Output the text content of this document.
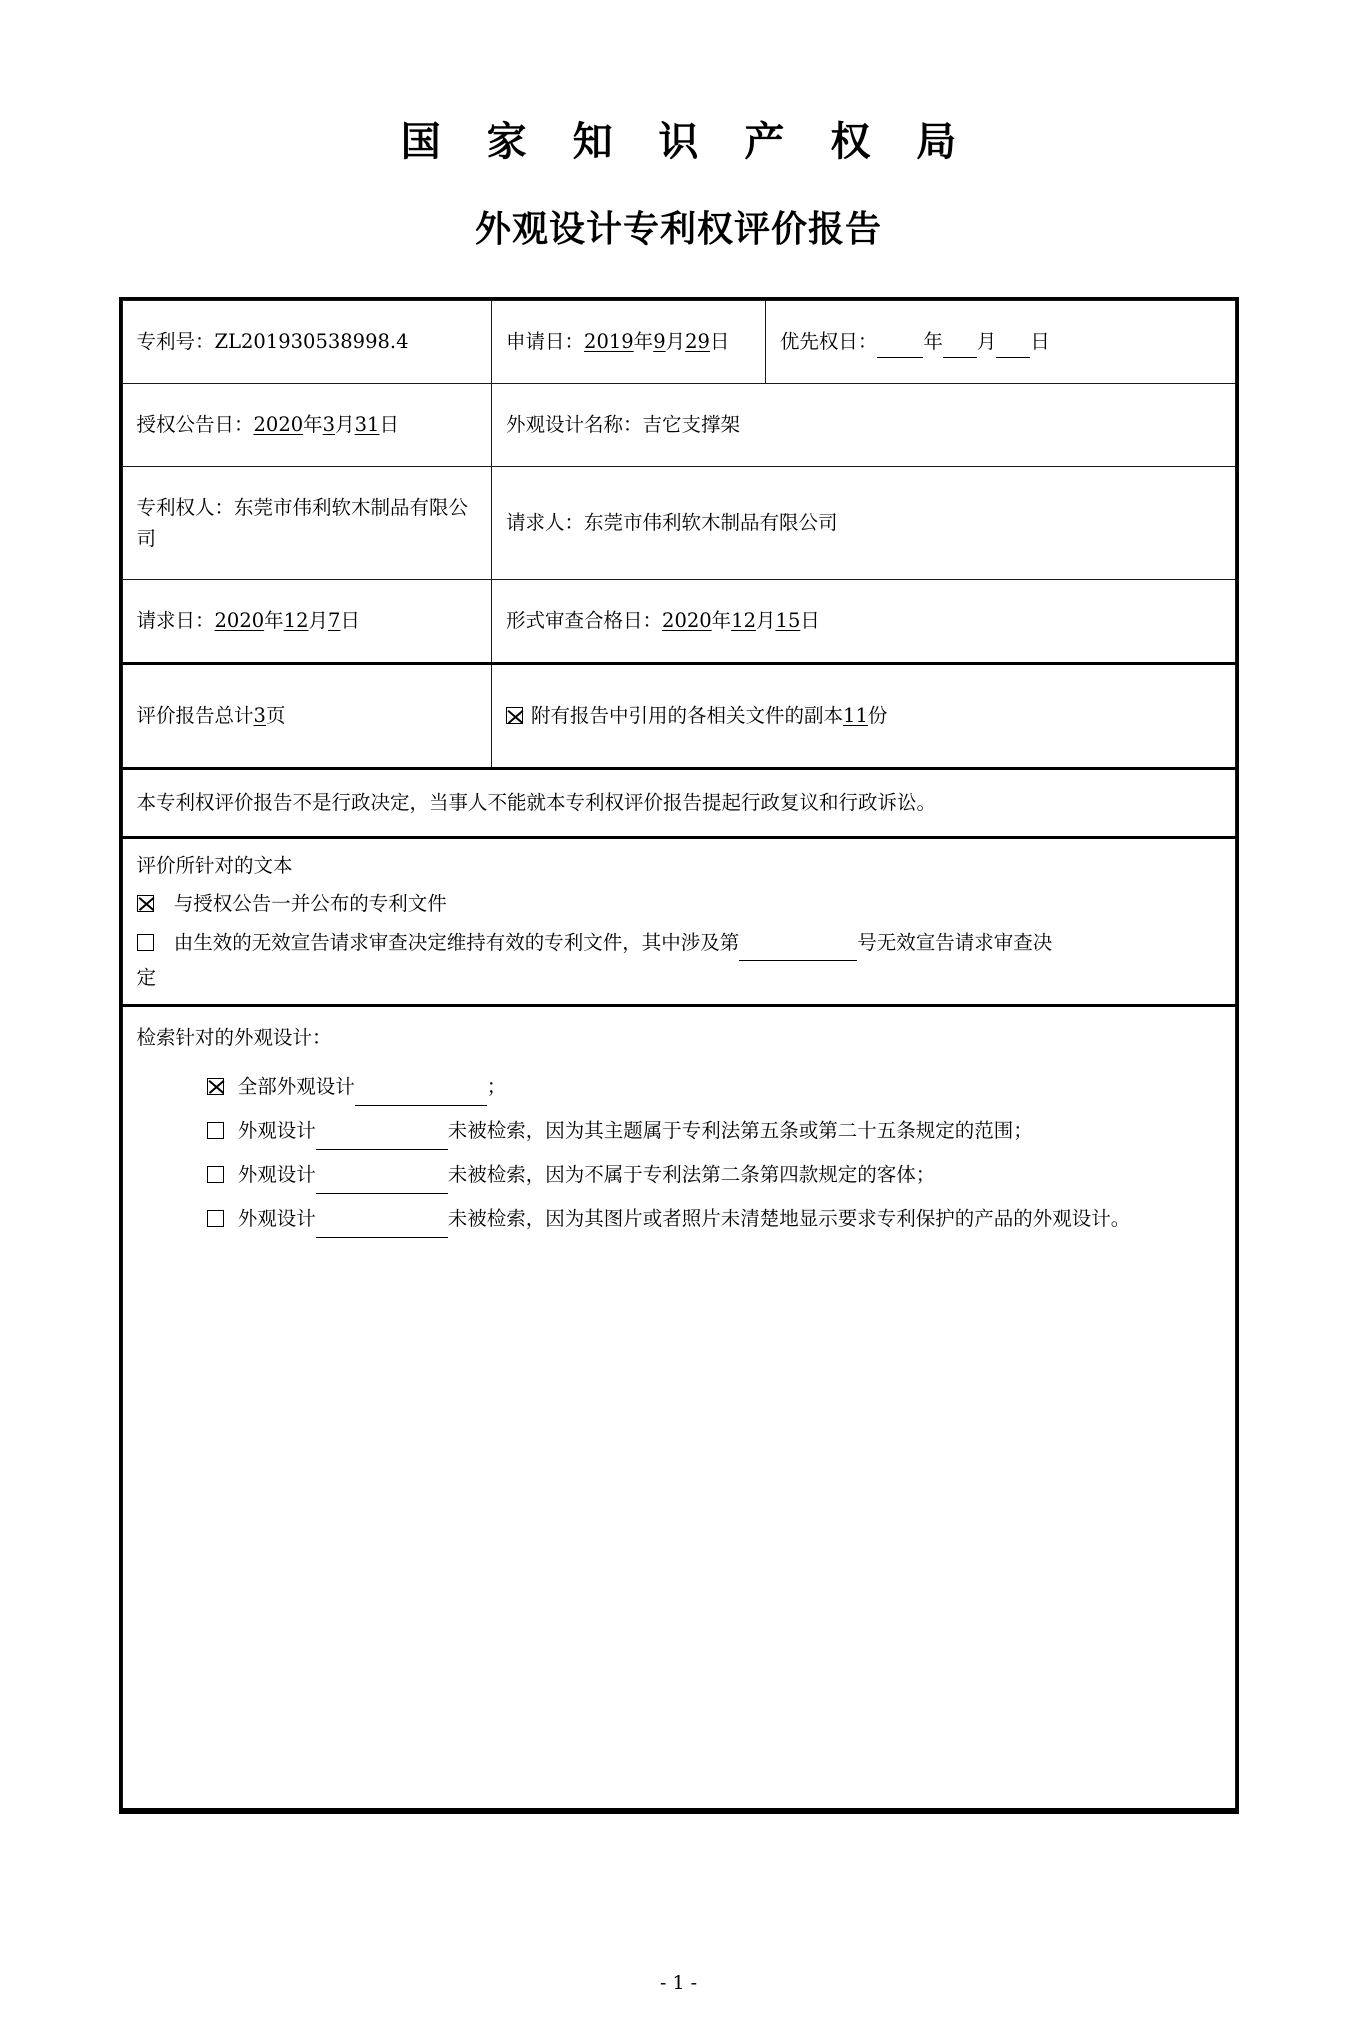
国 家 知 识 产 权 局
外观设计专利权评价报告
专利号：ZL201930538998.4	申请日：2019年9月29日	优先权日： 年 月 日
授权公告日：2020年3月31日	外观设计名称：吉它支撑架	
专利权人：东莞市伟利软木制品有限公司	请求人：东莞市伟利软木制品有限公司	
请求日：2020年12月7日	形式审查合格日：2020年12月15日	
评价报告总计3页	附有报告中引用的各相关文件的副本11份	
本专利权评价报告不是行政决定，当事人不能就本专利权评价报告提起行政复议和行政诉讼。		

评价所针对的文本
与授权公告一并公布的专利文件
由生效的无效宣告请求审查决定维持有效的专利文件，其中涉及第 号无效宣告请求审查决
定		

检索针对的外观设计：
全部外观设计 ；
外观设计 未被检索，因为其主题属于专利法第五条或第二十五条规定的范围；
外观设计 未被检索，因为不属于专利法第二条第四款规定的客体；
外观设计 未被检索，因为其图片或者照片未清楚地显示要求专利保护的产品的外观设计。		
- 1 -
